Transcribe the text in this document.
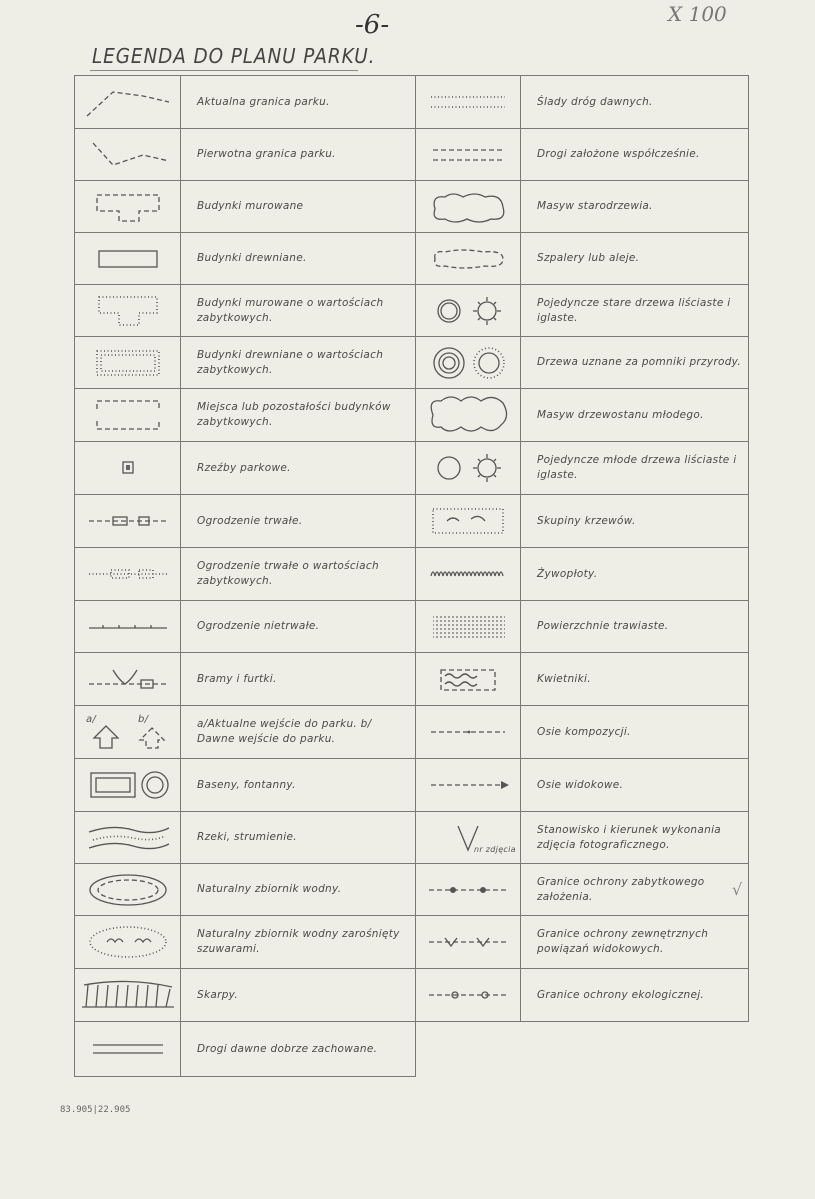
-6-	X 100
LEGENDA DO PLANU PARKU.
	Aktualna granica parku.		Ślady dróg dawnych.

	Pierwotna granica parku.		Drogi założone współcześnie.

	Budynki murowane		Masyw starodrzewia.

	Budynki drewniane.		Szpalery lub aleje.

	Budynki murowane o wartościach zabytkowych.		Pojedyncze stare drzewa liściaste i iglaste.

	Budynki drewniane o wartościach zabytkowych.		Drzewa uznane za pomniki przyrody.

	Miejsca lub pozostałości budynków zabytkowych.		Masyw drzewostanu młodego.

	Rzeźby parkowe.		Pojedyncze młode drzewa liściaste i iglaste.

	Ogrodzenie trwałe.		Skupiny krzewów.

	Ogrodzenie trwałe o wartościach zabytkowych.		Żywopłoty.

	Ogrodzenie nietrwałe.		Powierzchnie trawiaste.

	Bramy i furtki.		Kwietniki.

a/ b/	a/Aktualne wejście do parku. b/ Dawne wejście do parku.		Osie kompozycji.

	Baseny, fontanny.		Osie widokowe.

	Rzeki, strumienie.	nr zdjęcia	Stanowisko i kierunek wykonania zdjęcia fotograficznego.

	Naturalny zbiornik wodny.		Granice ochrony zabytkowego założenia.

	Naturalny zbiornik wodny zarośnięty szuwarami.		Granice ochrony zewnętrznych powiązań widokowych.

	Skarpy.		Granice ochrony ekologicznej.

	Drogi dawne dobrze zachowane.		
√
83.905|22.905
